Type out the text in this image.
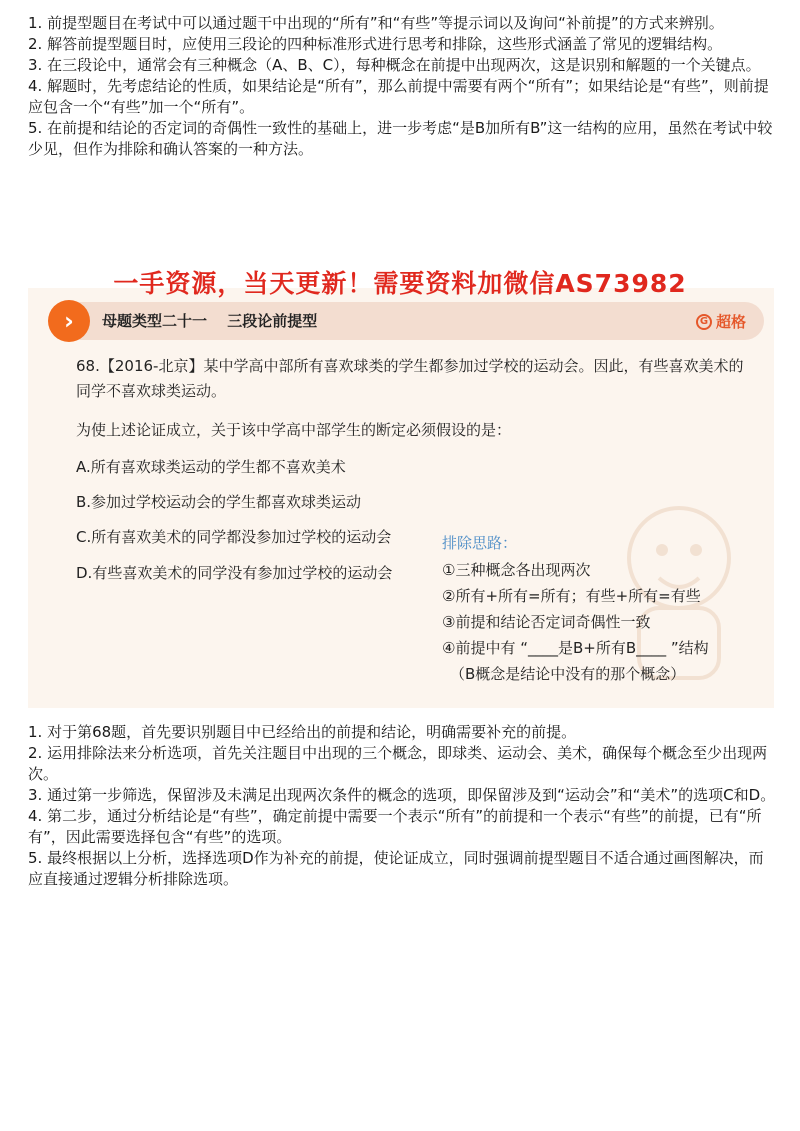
1. 前提型题目在考试中可以通过题干中出现的“所有”和“有些”等提示词以及询问“补前提”的方式来辨别。

2. 解答前提型题目时，应使用三段论的四种标准形式进行思考和排除，这些形式涵盖了常见的逻辑结构。

3. 在三段论中，通常会有三种概念（A、B、C），每种概念在前提中出现两次，这是识别和解题的一个关键点。

4. 解题时，先考虑结论的性质，如果结论是“所有”，那么前提中需要有两个“所有”；如果结论是“有些”，则前提应包含一个“有些”加一个“所有”。

5. 在前提和结论的否定词的奇偶性一致性的基础上，进一步考虑“是B加所有B”这一结构的应用，虽然在考试中较少见，但作为排除和确认答案的一种方法。

›	母题类型二十一　 三段论前提型	G 超格
68.【2016-北京】某中学高中部所有喜欢球类的学生都参加过学校的运动会。因此，有些喜欢美术的同学不喜欢球类运动。
为使上述论证成立，关于该中学高中部学生的断定必须假设的是：
A.所有喜欢球类运动的学生都不喜欢美术
B.参加过学校运动会的学生都喜欢球类运动
C.所有喜欢美术的同学都没参加过学校的运动会
D.有些喜欢美术的同学没有参加过学校的运动会
排除思路：
①三种概念各出现两次
②所有+所有=所有；有些+所有=有些
③前提和结论否定词奇偶性一致
④前提中有 “____是B+所有B____ ”结构
（B概念是结论中没有的那个概念）
一手资源，当天更新！需要资料加微信AS73982

1. 对于第68题，首先要识别题目中已经给出的前提和结论，明确需要补充的前提。

2. 运用排除法来分析选项，首先关注题目中出现的三个概念，即球类、运动会、美术，确保每个概念至少出现两次。

3. 通过第一步筛选，保留涉及未满足出现两次条件的概念的选项，即保留涉及到“运动会”和“美术”的选项C和D。

4. 第二步，通过分析结论是“有些”，确定前提中需要一个表示“所有”的前提和一个表示“有些”的前提，已有“所有”，因此需要选择包含“有些”的选项。

5. 最终根据以上分析，选择选项D作为补充的前提，使论证成立，同时强调前提型题目不适合通过画图解决，而应直接通过逻辑分析排除选项。
